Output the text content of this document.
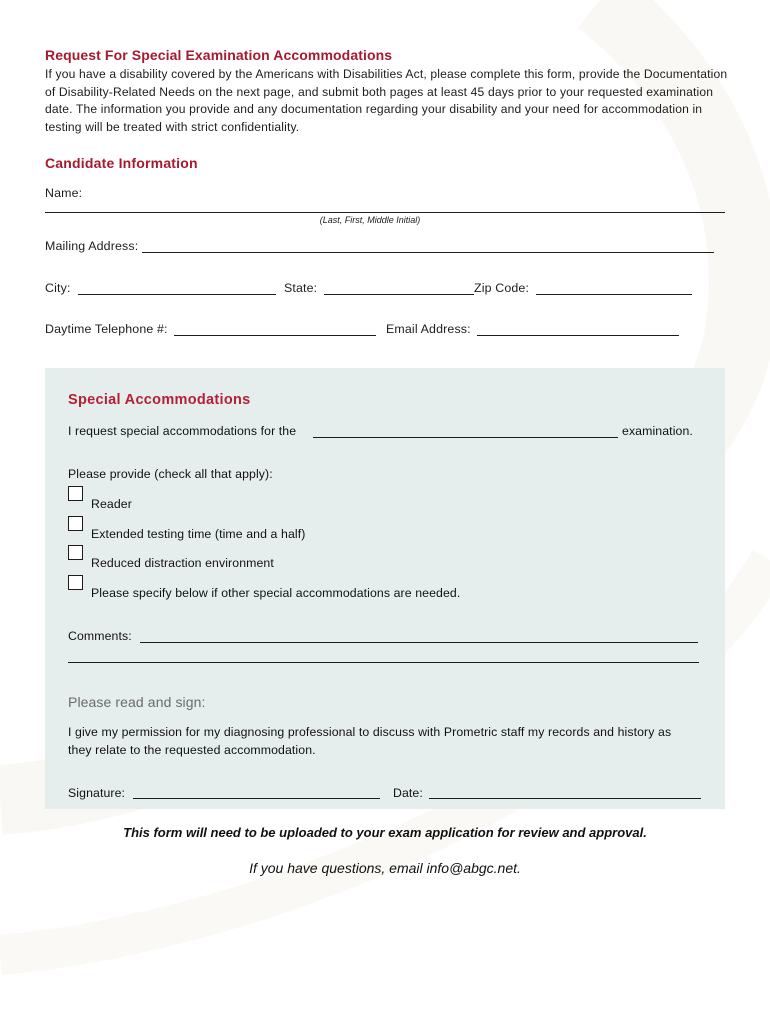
Request For Special Examination Accommodations
If you have a disability covered by the Americans with Disabilities Act, please complete this form, provide the Documentation of Disability-Related Needs on the next page, and submit both pages at least 45 days prior to your requested examination date. The information you provide and any documentation regarding your disability and your need for accommodation in testing will be treated with strict confidentiality.
Candidate Information
Name:
(Last, First, Middle Initial)
Mailing Address:
City:	State:	Zip Code:
Daytime Telephone #:	Email Address:
Special Accommodations
I request special accommodations for the	examination.
Please provide (check all that apply):
Reader
Extended testing time (time and a half)
Reduced distraction environment
Please specify below if other special accommodations are needed.
Comments:
Please read and sign:
I give my permission for my diagnosing professional to discuss with Prometric staff my records and history as
they relate to the requested accommodation.
Signature:	Date:
This form will need to be uploaded to your exam application for review and approval.
If you have questions, email info@abgc.net.
